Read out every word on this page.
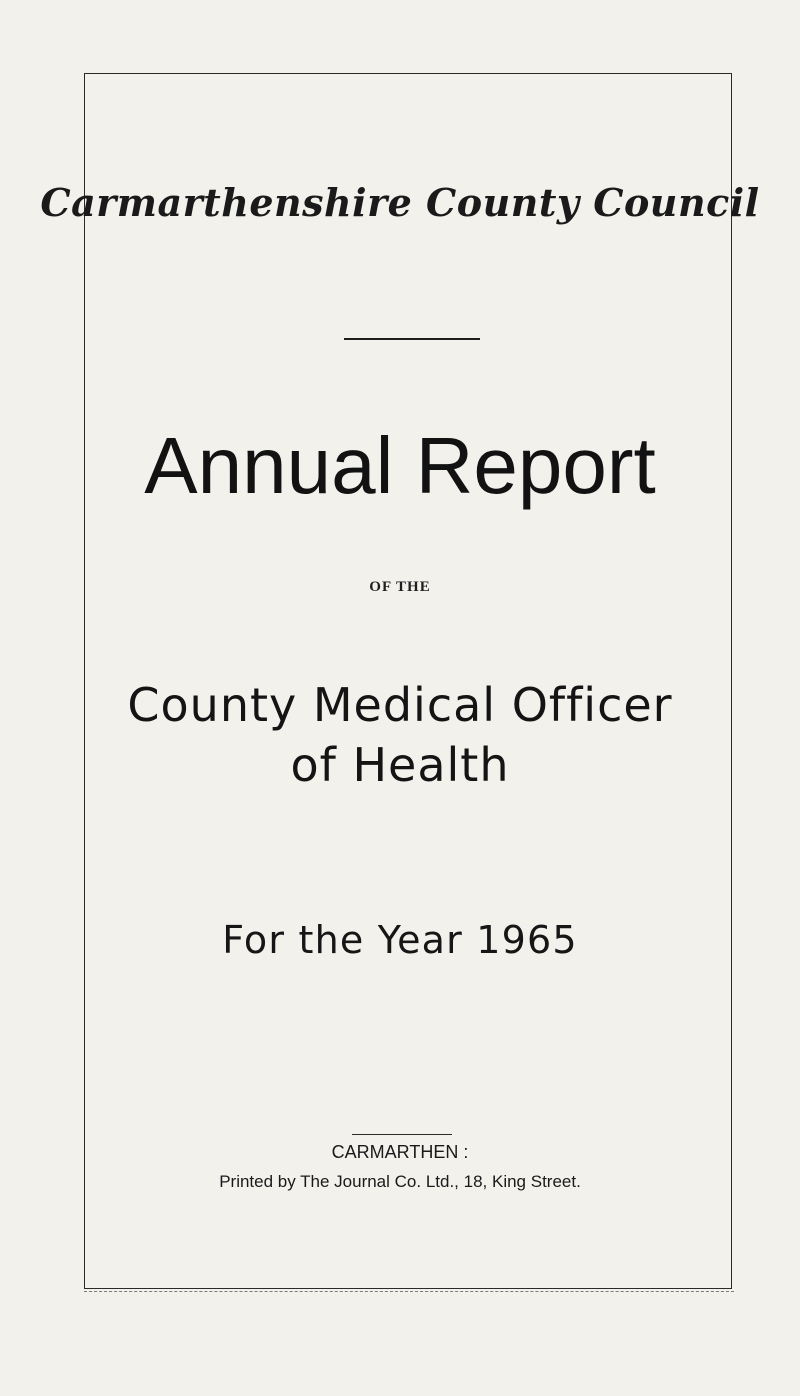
Carmarthenshire County Council

Annual Report

OF THE

County Medical Officer

of Health

For the Year 1965

CARMARTHEN :

Printed by The Journal Co. Ltd., 18, King Street.
